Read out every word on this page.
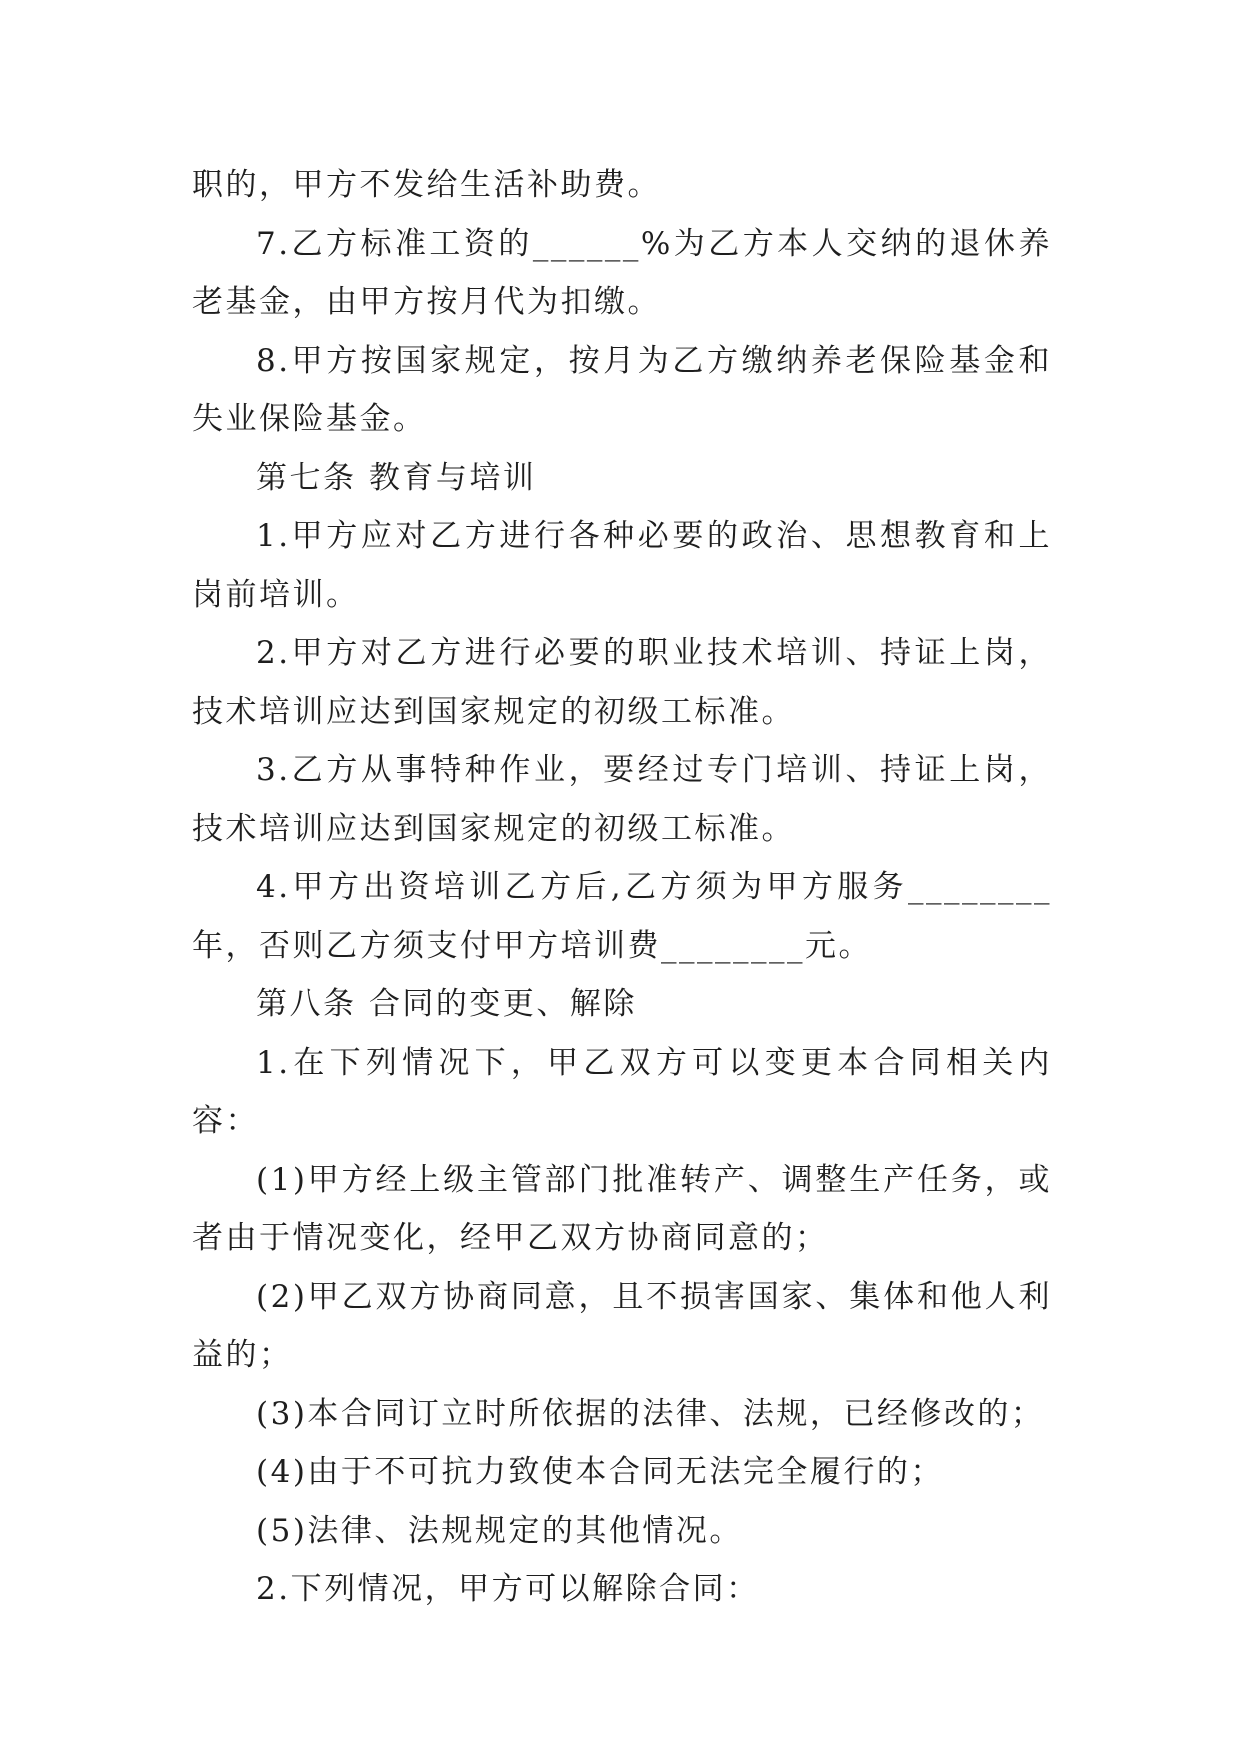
职的，甲方不发给生活补助费。

7.乙方标准工资的______%为乙方本人交纳的退休养老基金，由甲方按月代为扣缴。

8.甲方按国家规定，按月为乙方缴纳养老保险基金和失业保险基金。

第七条 教育与培训

1.甲方应对乙方进行各种必要的政治、思想教育和上岗前培训。

2.甲方对乙方进行必要的职业技术培训、持证上岗，技术培训应达到国家规定的初级工标准。

3.乙方从事特种作业，要经过专门培训、持证上岗，技术培训应达到国家规定的初级工标准。

4.甲方出资培训乙方后,乙方须为甲方服务________年，否则乙方须支付甲方培训费________元。

第八条 合同的变更、解除

1.在下列情况下，甲乙双方可以变更本合同相关内容：

(1)甲方经上级主管部门批准转产、调整生产任务，或者由于情况变化，经甲乙双方协商同意的；

(2)甲乙双方协商同意，且不损害国家、集体和他人利益的；

(3)本合同订立时所依据的法律、法规，已经修改的；

(4)由于不可抗力致使本合同无法完全履行的；

(5)法律、法规规定的其他情况。

2.下列情况，甲方可以解除合同：
